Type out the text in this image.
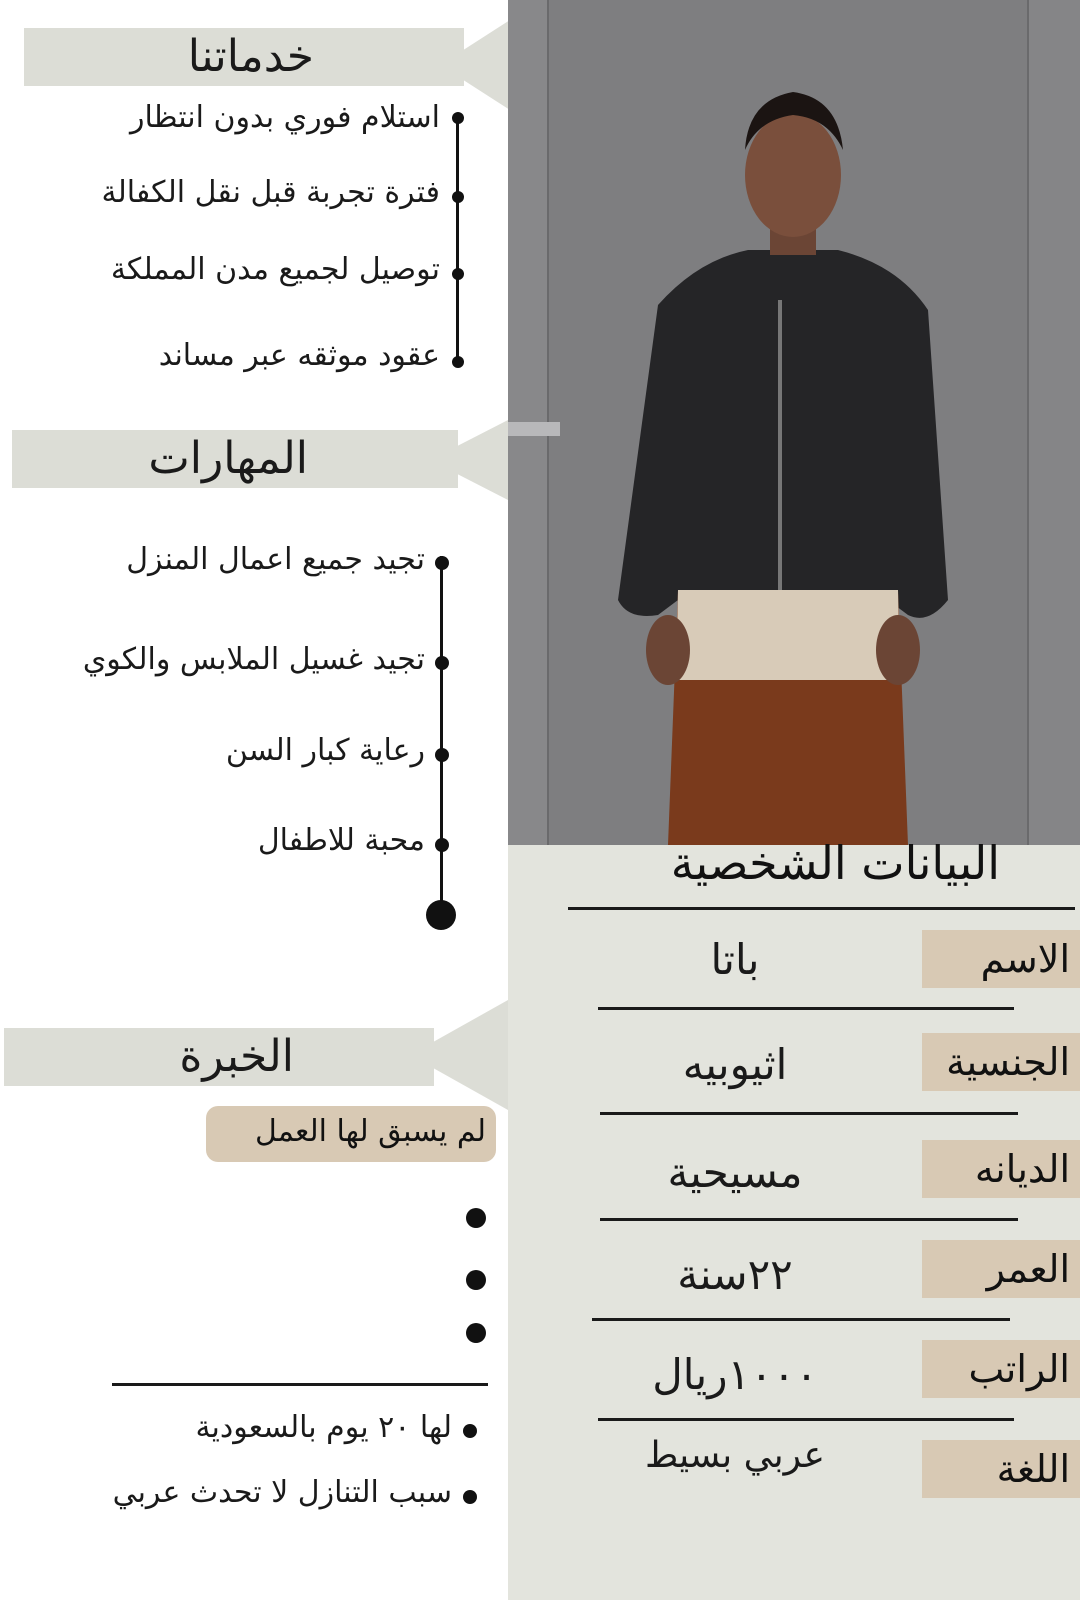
خدماتنا
استلام فوري بدون انتظار
فترة تجربة قبل نقل الكفالة
توصيل لجميع مدن المملكة
عقود موثقه عبر مساند
المهارات
تجيد جميع اعمال المنزل
تجيد غسيل الملابس والكوي
رعاية كبار السن
محبة للاطفال
الخبرة
لم يسبق لها العمل
لها ٢٠ يوم بالسعودية
سبب التنازل لا تحدث عربي
البيانات الشخصية
الاسم
باتا
الجنسية
اثيوبيه
الديانه
مسيحية
العمر
٢٢سنة
الراتب
١٠٠٠ريال
اللغة
عربي بسيط
